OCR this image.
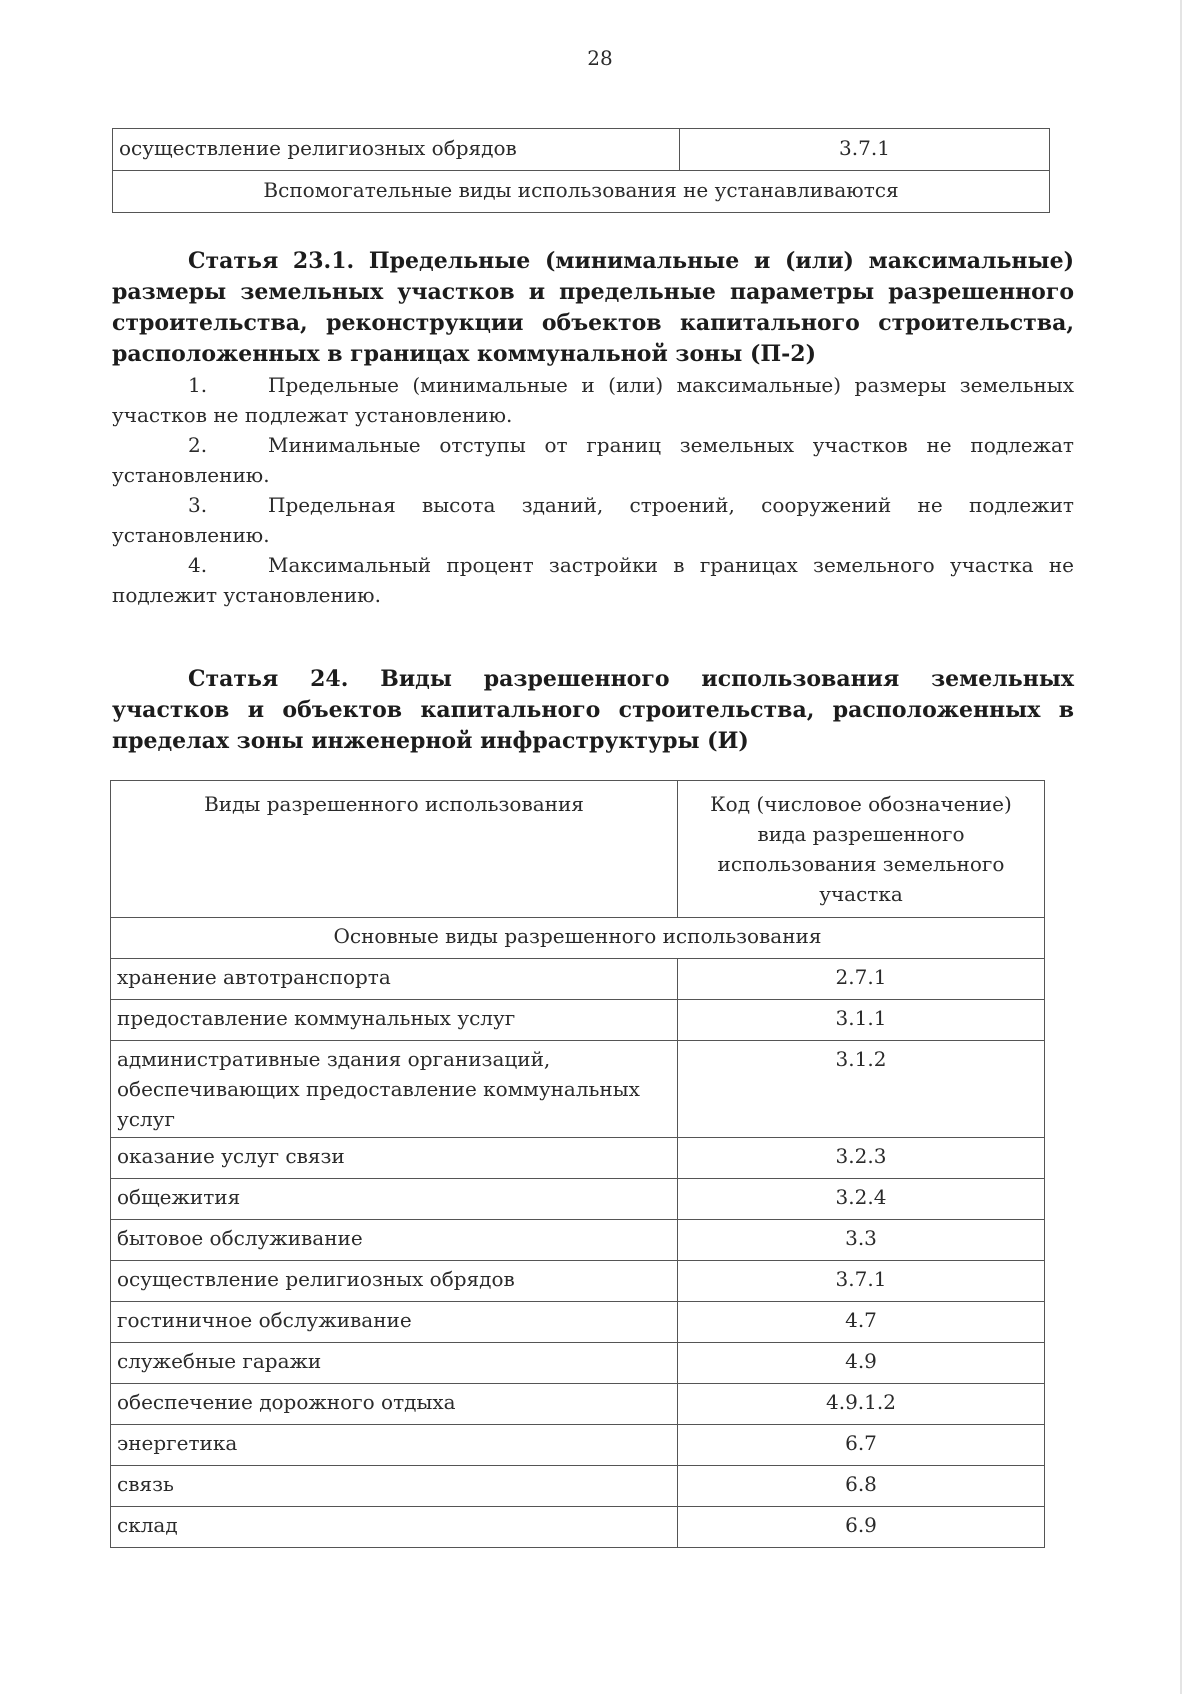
28
осуществление религиозных обрядов	3.7.1
Вспомогательные виды использования не устанавливаются
Статья 23.1. Предельные (минимальные и (или) максимальные) размеры земельных участков и предельные параметры разрешенного строительства, реконструкции объектов капитального строительства, расположенных в границах коммунальной зоны (П-2)
1.	Предельные (минимальные и (или) максимальные) размеры земельных участков не подлежат установлению.
2.	Минимальные отступы от границ земельных участков не подлежат установлению.
3.	Предельная высота зданий, строений, сооружений не подлежит установлению.
4.	Максимальный процент застройки в границах земельного участка не подлежит установлению.
Статья 24. Виды разрешенного использования земельных участков и объектов капитального строительства, расположенных в пределах зоны инженерной инфраструктуры (И)
Виды разрешенного использования	Код (числовое обозначение) вида разрешенного использования земельного участка
Основные виды разрешенного использования	
хранение автотранспорта	2.7.1
предоставление коммунальных услуг	3.1.1
административные здания организаций, обеспечивающих предоставление коммунальных услуг	3.1.2
оказание услуг связи	3.2.3
общежития	3.2.4
бытовое обслуживание	3.3
осуществление религиозных обрядов	3.7.1
гостиничное обслуживание	4.7
служебные гаражи	4.9
обеспечение дорожного отдыха	4.9.1.2
энергетика	6.7
связь	6.8
склад	6.9
